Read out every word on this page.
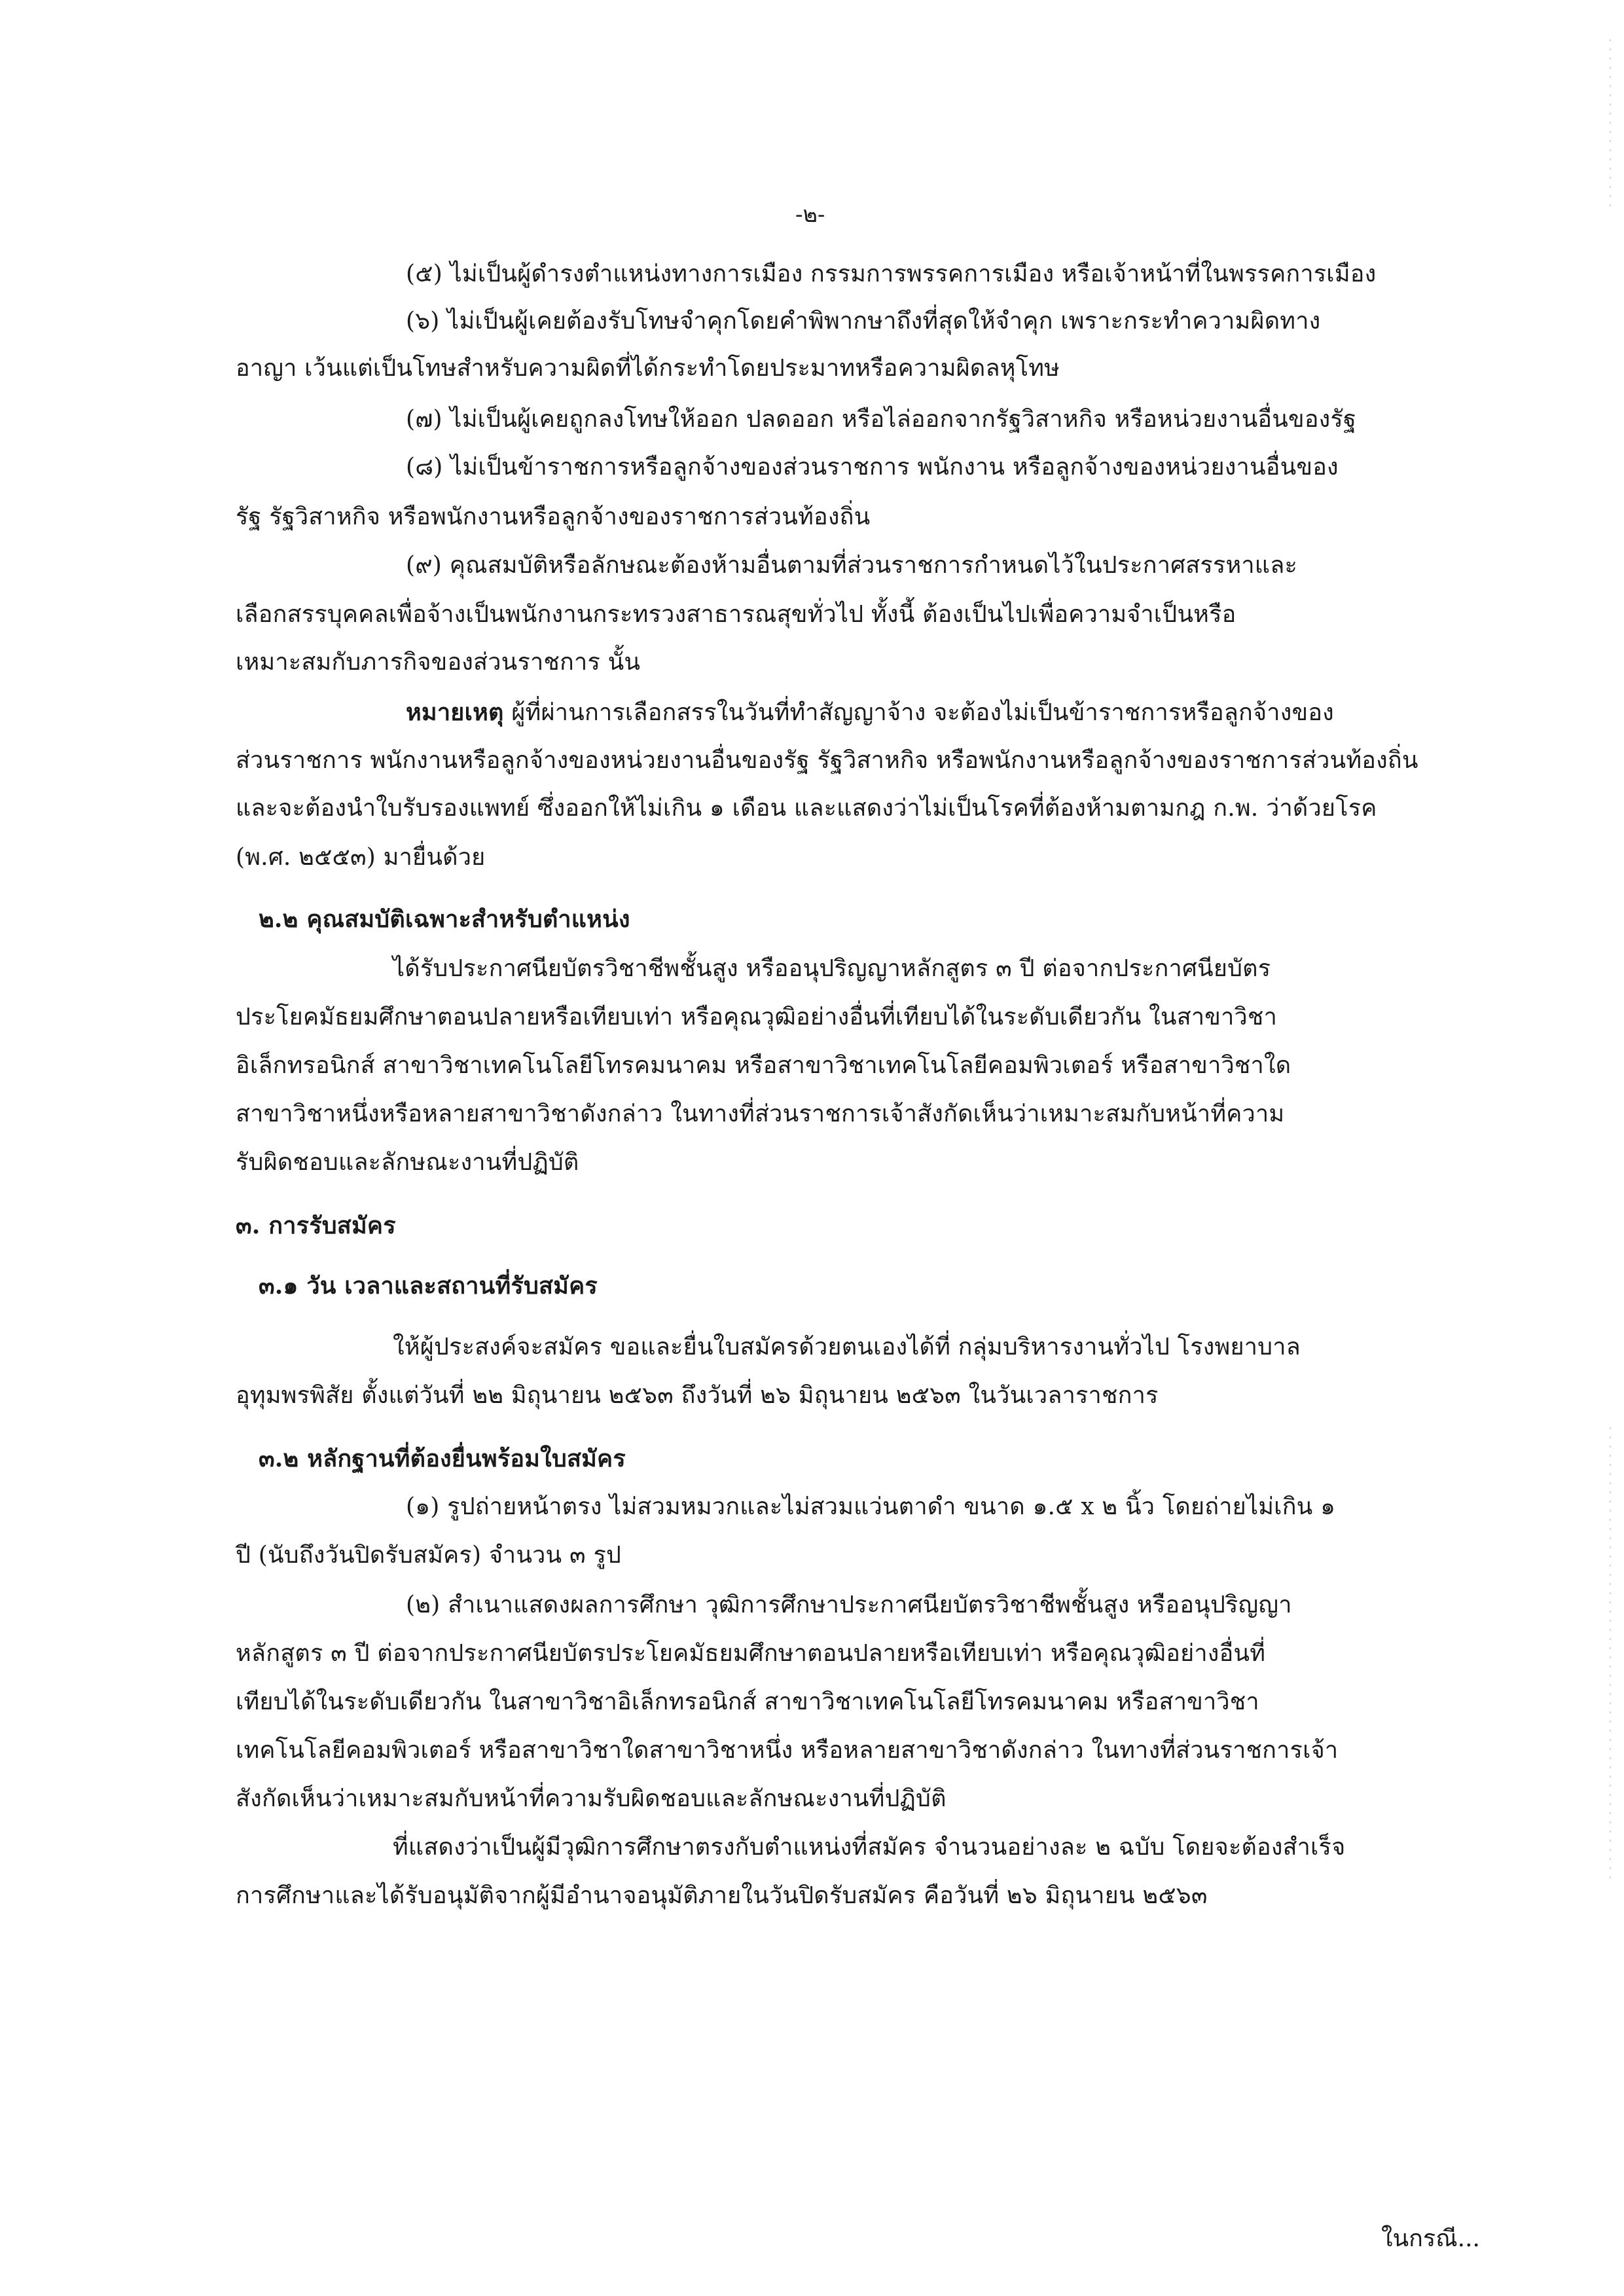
-๒-
(๕) ไม่เป็นผู้ดำรงตำแหน่งทางการเมือง กรรมการพรรคการเมือง หรือเจ้าหน้าที่ในพรรคการเมือง
(๖) ไม่เป็นผู้เคยต้องรับโทษจำคุกโดยคำพิพากษาถึงที่สุดให้จำคุก เพราะกระทำความผิดทาง
อาญา เว้นแต่เป็นโทษสำหรับความผิดที่ได้กระทำโดยประมาทหรือความผิดลหุโทษ
(๗) ไม่เป็นผู้เคยถูกลงโทษให้ออก ปลดออก หรือไล่ออกจากรัฐวิสาหกิจ หรือหน่วยงานอื่นของรัฐ
(๘) ไม่เป็นข้าราชการหรือลูกจ้างของส่วนราชการ พนักงาน หรือลูกจ้างของหน่วยงานอื่นของ
รัฐ รัฐวิสาหกิจ หรือพนักงานหรือลูกจ้างของราชการส่วนท้องถิ่น
(๙) คุณสมบัติหรือลักษณะต้องห้ามอื่นตามที่ส่วนราชการกำหนดไว้ในประกาศสรรหาและ
เลือกสรรบุคคลเพื่อจ้างเป็นพนักงานกระทรวงสาธารณสุขทั่วไป ทั้งนี้ ต้องเป็นไปเพื่อความจำเป็นหรือ
เหมาะสมกับภารกิจของส่วนราชการ นั้น
หมายเหตุ ผู้ที่ผ่านการเลือกสรรในวันที่ทำสัญญาจ้าง จะต้องไม่เป็นข้าราชการหรือลูกจ้างของ
ส่วนราชการ พนักงานหรือลูกจ้างของหน่วยงานอื่นของรัฐ รัฐวิสาหกิจ หรือพนักงานหรือลูกจ้างของราชการส่วนท้องถิ่น
และจะต้องนำใบรับรองแพทย์ ซึ่งออกให้ไม่เกิน ๑ เดือน และแสดงว่าไม่เป็นโรคที่ต้องห้ามตามกฎ ก.พ. ว่าด้วยโรค
(พ.ศ. ๒๕๕๓) มายื่นด้วย
๒.๒ คุณสมบัติเฉพาะสำหรับตำแหน่ง
ได้รับประกาศนียบัตรวิชาชีพชั้นสูง หรืออนุปริญญาหลักสูตร ๓ ปี ต่อจากประกาศนียบัตร
ประโยคมัธยมศึกษาตอนปลายหรือเทียบเท่า หรือคุณวุฒิอย่างอื่นที่เทียบได้ในระดับเดียวกัน ในสาขาวิชา
อิเล็กทรอนิกส์ สาขาวิชาเทคโนโลยีโทรคมนาคม หรือสาขาวิชาเทคโนโลยีคอมพิวเตอร์ หรือสาขาวิชาใด
สาขาวิชาหนึ่งหรือหลายสาขาวิชาดังกล่าว ในทางที่ส่วนราชการเจ้าสังกัดเห็นว่าเหมาะสมกับหน้าที่ความ
รับผิดชอบและลักษณะงานที่ปฏิบัติ
๓. การรับสมัคร
๓.๑ วัน เวลาและสถานที่รับสมัคร
ให้ผู้ประสงค์จะสมัคร ขอและยื่นใบสมัครด้วยตนเองได้ที่ กลุ่มบริหารงานทั่วไป โรงพยาบาล
อุทุมพรพิสัย ตั้งแต่วันที่ ๒๒ มิถุนายน ๒๕๖๓ ถึงวันที่ ๒๖ มิถุนายน ๒๕๖๓ ในวันเวลาราชการ
๓.๒ หลักฐานที่ต้องยื่นพร้อมใบสมัคร
(๑) รูปถ่ายหน้าตรง ไม่สวมหมวกและไม่สวมแว่นตาดำ ขนาด ๑.๕ x ๒ นิ้ว โดยถ่ายไม่เกิน ๑
ปี (นับถึงวันปิดรับสมัคร) จำนวน ๓ รูป
(๒) สำเนาแสดงผลการศึกษา วุฒิการศึกษาประกาศนียบัตรวิชาชีพชั้นสูง หรืออนุปริญญา
หลักสูตร ๓ ปี ต่อจากประกาศนียบัตรประโยคมัธยมศึกษาตอนปลายหรือเทียบเท่า หรือคุณวุฒิอย่างอื่นที่
เทียบได้ในระดับเดียวกัน ในสาขาวิชาอิเล็กทรอนิกส์ สาขาวิชาเทคโนโลยีโทรคมนาคม หรือสาขาวิชา
เทคโนโลยีคอมพิวเตอร์ หรือสาขาวิชาใดสาขาวิชาหนึ่ง หรือหลายสาขาวิชาดังกล่าว ในทางที่ส่วนราชการเจ้า
สังกัดเห็นว่าเหมาะสมกับหน้าที่ความรับผิดชอบและลักษณะงานที่ปฏิบัติ
ที่แสดงว่าเป็นผู้มีวุฒิการศึกษาตรงกับตำแหน่งที่สมัคร จำนวนอย่างละ ๒ ฉบับ โดยจะต้องสำเร็จ
การศึกษาและได้รับอนุมัติจากผู้มีอำนาจอนุมัติภายในวันปิดรับสมัคร คือวันที่ ๒๖ มิถุนายน ๒๕๖๓
ในกรณี...
